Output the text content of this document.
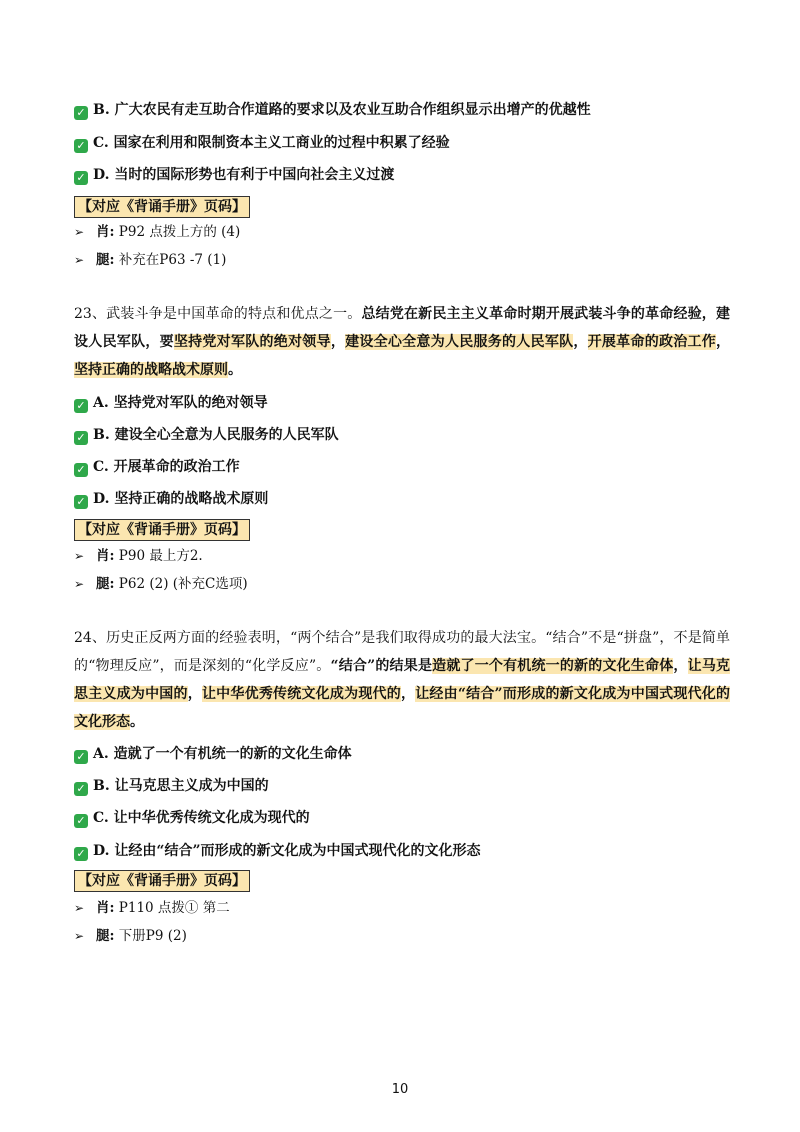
✓ B. 广大农民有走互助合作道路的要求以及农业互助合作组织显示出增产的优越性
✓ C. 国家在利用和限制资本主义工商业的过程中积累了经验
✓ D. 当时的国际形势也有利于中国向社会主义过渡
【对应《背诵手册》页码】
➢ 肖: P92 点拨上方的 (4)
➢ 腿: 补充在P63 -7 (1)
23、武装斗争是中国革命的特点和优点之一。总结党在新民主主义革命时期开展武装斗争的革命经验，建设人民军队，要坚持党对军队的绝对领导，建设全心全意为人民服务的人民军队，开展革命的政治工作，坚持正确的战略战术原则。
✓ A. 坚持党对军队的绝对领导
✓ B. 建设全心全意为人民服务的人民军队
✓ C. 开展革命的政治工作
✓ D. 坚持正确的战略战术原则
【对应《背诵手册》页码】
➢ 肖: P90 最上方2.
➢ 腿: P62 (2) (补充C选项)
24、历史正反两方面的经验表明，“两个结合”是我们取得成功的最大法宝。“结合”不是“拼盘”，不是简单的“物理反应”，而是深刻的“化学反应”。“结合”的结果是造就了一个有机统一的新的文化生命体，让马克思主义成为中国的，让中华优秀传统文化成为现代的，让经由“结合”而形成的新文化成为中国式现代化的文化形态。
✓ A. 造就了一个有机统一的新的文化生命体
✓ B. 让马克思主义成为中国的
✓ C. 让中华优秀传统文化成为现代的
✓ D. 让经由“结合”而形成的新文化成为中国式现代化的文化形态
【对应《背诵手册》页码】
➢ 肖: P110 点拨① 第二
➢ 腿: 下册P9 (2)
10
